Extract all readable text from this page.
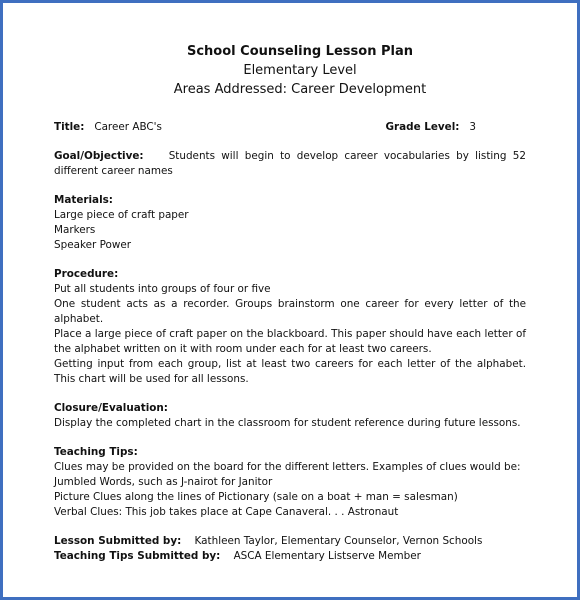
School Counseling Lesson Plan
Elementary Level
Areas Addressed: Career Development
Title: Career ABC's	Grade Level: 3
Goal/Objective: Students will begin to develop career vocabularies by listing 52 different career names
Materials:
Large piece of craft paper
Markers
Speaker Power
Procedure:
Put all students into groups of four or five
One student acts as a recorder. Groups brainstorm one career for every letter of the alphabet.
Place a large piece of craft paper on the blackboard. This paper should have each letter of the alphabet written on it with room under each for at least two careers.
Getting input from each group, list at least two careers for each letter of the alphabet. This chart will be used for all lessons.
Closure/Evaluation:
Display the completed chart in the classroom for student reference during future lessons.
Teaching Tips:
Clues may be provided on the board for the different letters. Examples of clues would be:
Jumbled Words, such as J-nairot for Janitor
Picture Clues along the lines of Pictionary (sale on a boat + man = salesman)
Verbal Clues: This job takes place at Cape Canaveral. . . Astronaut
Lesson Submitted by: Kathleen Taylor, Elementary Counselor, Vernon Schools
Teaching Tips Submitted by: ASCA Elementary Listserve Member
